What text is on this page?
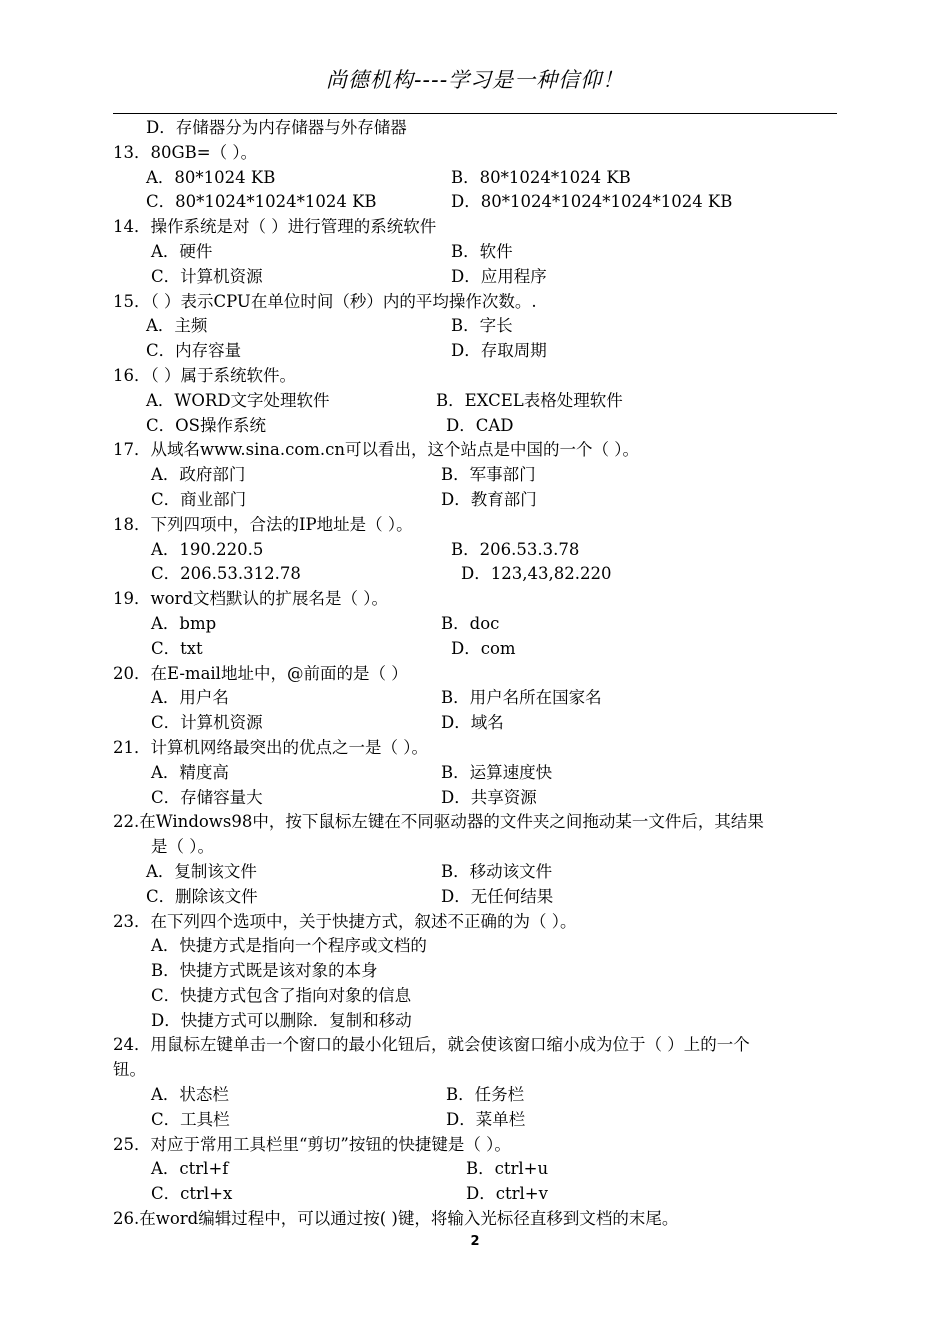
尚德机构----学习是一种信仰！
D．存储器分为内存储器与外存储器
13．80GB=（ ）。
A．80*1024 KB	B．80*1024*1024 KB
C．80*1024*1024*1024 KB	D．80*1024*1024*1024*1024 KB
14．操作系统是对（ ）进行管理的系统软件
A．硬件	B．软件
C．计算机资源	D．应用程序
15．（ ）表示CPU在单位时间（秒）内的平均操作次数。.
A．主频	B．字长
C．内存容量	D．存取周期
16．（ ）属于系统软件。
A．WORD文字处理软件	B．EXCEL表格处理软件
C．OS操作系统	D．CAD
17．从域名www.sina.com.cn可以看出，这个站点是中国的一个（ ）。
A．政府部门	B．军事部门
C．商业部门	D．教育部门
18．下列四项中，合法的IP地址是（ ）。
A．190.220.5	B．206.53.3.78
C．206.53.312.78	D．123,43,82.220
19．word文档默认的扩展名是（ ）。
A．bmp	B．doc
C．txt	D．com
20．在E-mail地址中，@前面的是（ ）
A．用户名	B．用户名所在国家名
C．计算机资源	D．域名
21．计算机网络最突出的优点之一是（ ）。
A．精度高	B．运算速度快
C．存储容量大	D．共享资源
22.在Windows98中，按下鼠标左键在不同驱动器的文件夹之间拖动某一文件后，其结果
是（ ）。
A．复制该文件	B．移动该文件
C．删除该文件	D．无任何结果
23．在下列四个选项中，关于快捷方式，叙述不正确的为（ ）。
A．快捷方式是指向一个程序或文档的
B．快捷方式既是该对象的本身
C．快捷方式包含了指向对象的信息
D．快捷方式可以删除．复制和移动
24．用鼠标左键单击一个窗口的最小化钮后，就会使该窗口缩小成为位于（ ）上的一个
钮。
A．状态栏	B．任务栏
C．工具栏	D．菜单栏
25．对应于常用工具栏里“剪切”按钮的快捷键是（ ）。
A．ctrl+f	B．ctrl+u
C．ctrl+x	D．ctrl+v
26.在word编辑过程中，可以通过按( )键，将输入光标径直移到文档的末尾。
2
